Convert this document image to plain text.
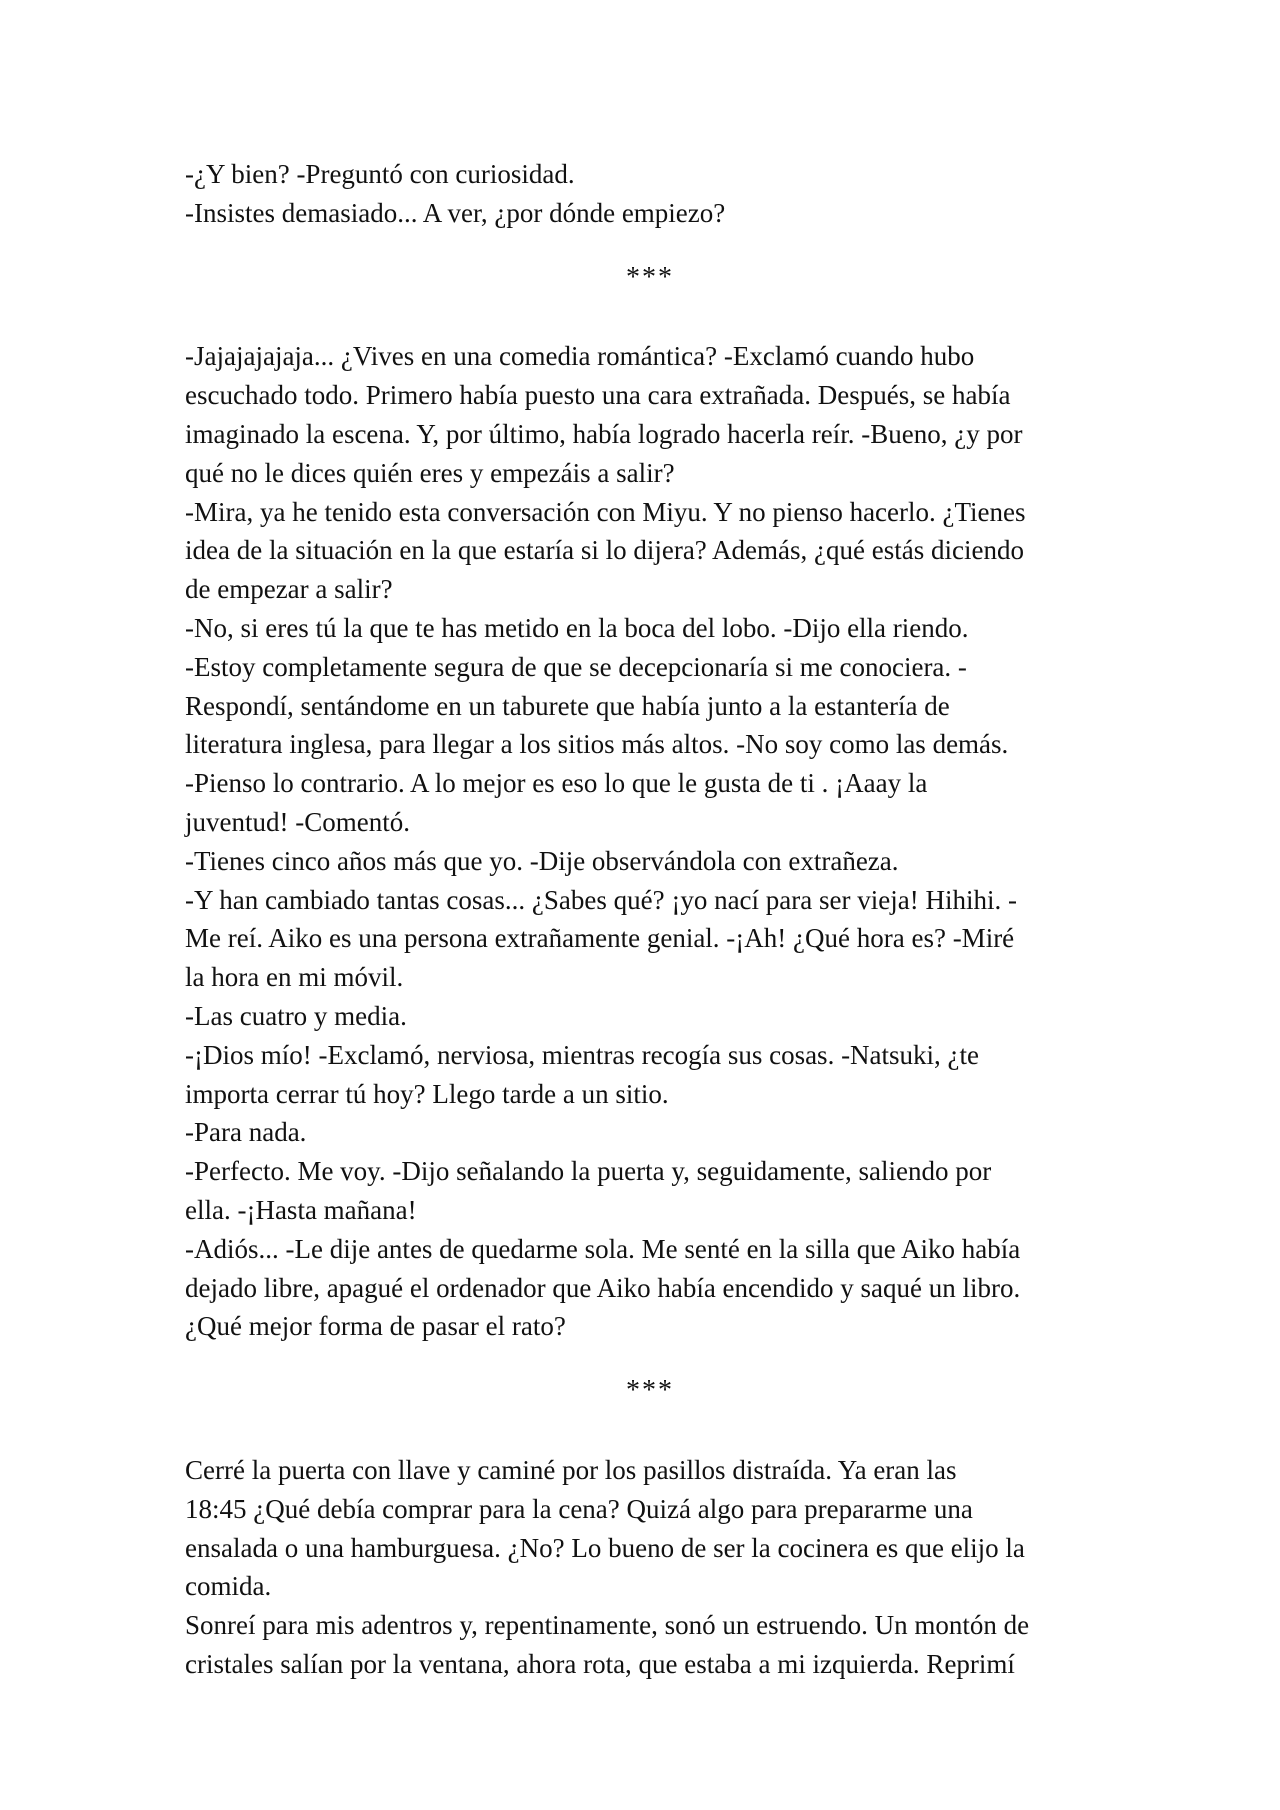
-¿Y bien? -Preguntó con curiosidad.

-Insistes demasiado... A ver, ¿por dónde empiezo?

***

-Jajajajajaja... ¿Vives en una comedia romántica? -Exclamó cuando hubo
escuchado todo. Primero había puesto una cara extrañada. Después, se había
imaginado la escena. Y, por último, había logrado hacerla reír. -Bueno, ¿y por
qué no le dices quién eres y empezáis a salir?

-Mira, ya he tenido esta conversación con Miyu. Y no pienso hacerlo. ¿Tienes
idea de la situación en la que estaría si lo dijera? Además, ¿qué estás diciendo
de empezar a salir?

-No, si eres tú la que te has metido en la boca del lobo. -Dijo ella riendo.

-Estoy completamente segura de que se decepcionaría si me conociera. -
Respondí, sentándome en un taburete que había junto a la estantería de
literatura inglesa, para llegar a los sitios más altos. -No soy como las demás.

-Pienso lo contrario. A lo mejor es eso lo que le gusta de ti . ¡Aaay la
juventud! -Comentó.

-Tienes cinco años más que yo. -Dije observándola con extrañeza.

-Y han cambiado tantas cosas... ¿Sabes qué? ¡yo nací para ser vieja! Hihihi. -
Me reí. Aiko es una persona extrañamente genial. -¡Ah! ¿Qué hora es? -Miré
la hora en mi móvil.

-Las cuatro y media.

-¡Dios mío! -Exclamó, nerviosa, mientras recogía sus cosas. -Natsuki, ¿te
importa cerrar tú hoy? Llego tarde a un sitio.

-Para nada.

-Perfecto. Me voy. -Dijo señalando la puerta y, seguidamente, saliendo por
ella. -¡Hasta mañana!

-Adiós... -Le dije antes de quedarme sola. Me senté en la silla que Aiko había
dejado libre, apagué el ordenador que Aiko había encendido y saqué un libro.
¿Qué mejor forma de pasar el rato?

***

Cerré la puerta con llave y caminé por los pasillos distraída. Ya eran las
18:45 ¿Qué debía comprar para la cena? Quizá algo para prepararme una
ensalada o una hamburguesa. ¿No? Lo bueno de ser la cocinera es que elijo la
comida.

Sonreí para mis adentros y, repentinamente, sonó un estruendo. Un montón de
cristales salían por la ventana, ahora rota, que estaba a mi izquierda. Reprimí
